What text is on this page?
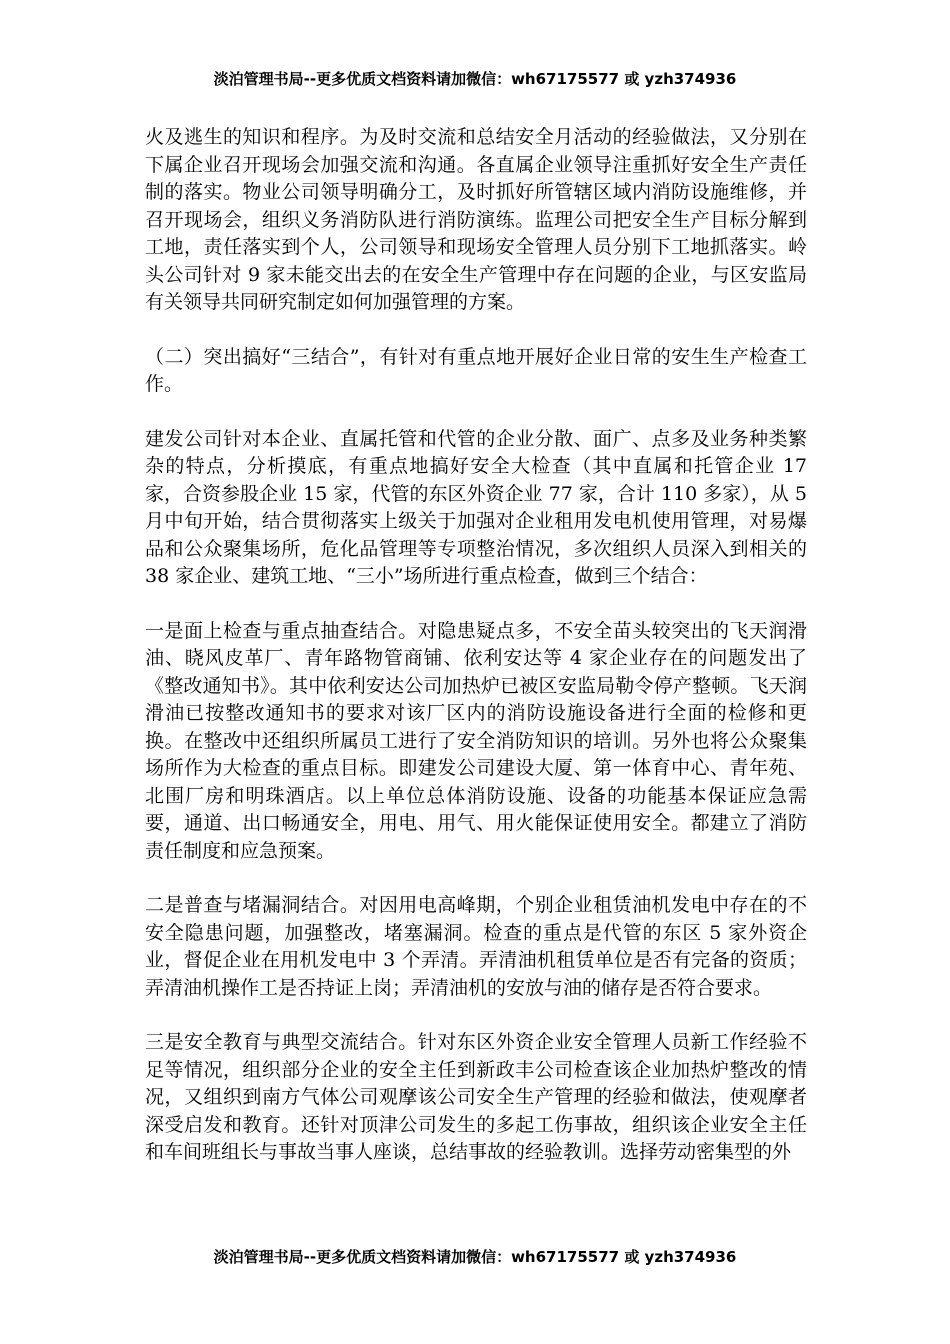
淡泊管理书局--更多优质文档资料请加微信：wh67175577 或 yzh374936

火及逃生的知识和程序。为及时交流和总结安全月活动的经验做法，又分别在下属企业召开现场会加强交流和沟通。各直属企业领导注重抓好安全生产责任制的落实。物业公司领导明确分工，及时抓好所管辖区域内消防设施维修，并召开现场会，组织义务消防队进行消防演练。监理公司把安全生产目标分解到工地，责任落实到个人，公司领导和现场安全管理人员分别下工地抓落实。岭头公司针对 9 家未能交出去的在安全生产管理中存在问题的企业，与区安监局有关领导共同研究制定如何加强管理的方案。

（二）突出搞好“三结合”，有针对有重点地开展好企业日常的安生生产检查工作。

建发公司针对本企业、直属托管和代管的企业分散、面广、点多及业务种类繁杂的特点，分析摸底，有重点地搞好安全大检查（其中直属和托管企业 17 家，合资参股企业 15 家，代管的东区外资企业 77 家，合计 110 多家），从 5 月中旬开始，结合贯彻落实上级关于加强对企业租用发电机使用管理，对易爆品和公众聚集场所，危化品管理等专项整治情况，多次组织人员深入到相关的 38 家企业、建筑工地、“三小”场所进行重点检查，做到三个结合：

一是面上检查与重点抽查结合。对隐患疑点多，不安全苗头较突出的飞天润滑油、晓风皮革厂、青年路物管商铺、依利安达等 4 家企业存在的问题发出了《整改通知书》。其中依利安达公司加热炉已被区安监局勒令停产整顿。飞天润滑油已按整改通知书的要求对该厂区内的消防设施设备进行全面的检修和更换。在整改中还组织所属员工进行了安全消防知识的培训。另外也将公众聚集场所作为大检查的重点目标。即建发公司建设大厦、第一体育中心、青年苑、北围厂房和明珠酒店。以上单位总体消防设施、设备的功能基本保证应急需要，通道、出口畅通安全，用电、用气、用火能保证使用安全。都建立了消防责任制度和应急预案。

二是普查与堵漏洞结合。对因用电高峰期，个别企业租赁油机发电中存在的不安全隐患问题，加强整改，堵塞漏洞。检查的重点是代管的东区 5 家外资企业，督促企业在用机发电中 3 个弄清。弄清油机租赁单位是否有完备的资质；弄清油机操作工是否持证上岗；弄清油机的安放与油的储存是否符合要求。

三是安全教育与典型交流结合。针对东区外资企业安全管理人员新工作经验不足等情况，组织部分企业的安全主任到新政丰公司检查该企业加热炉整改的情况，又组织到南方气体公司观摩该公司安全生产管理的经验和做法，使观摩者深受启发和教育。还针对顶津公司发生的多起工伤事故，组织该企业安全主任和车间班组长与事故当事人座谈，总结事故的经验教训。选择劳动密集型的外

淡泊管理书局--更多优质文档资料请加微信：wh67175577 或 yzh374936
